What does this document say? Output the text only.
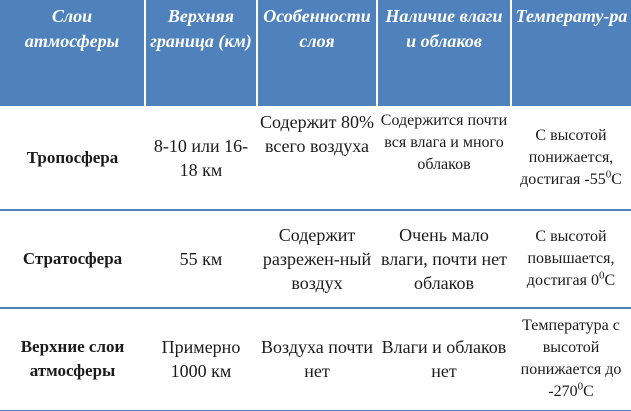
Слои атмосферы	Верхняя граница (км)	Особенности слоя	Наличие влаги и облаков	Температу-ра
Тропосфера	8-10 или 16-18 км	Содержит 80% всего воздуха	Содержится почти вся влага и много облаков	С высотой понижается, достигая $-55^0С$
Стратосфера	55 км	Содержит разрежен-ный воздух	Очень мало влаги, почти нет облаков	С высотой повышается, достигая $0^0С$
Верхние слои атмосферы	Примерно 1000 км	Воздуха почти нет	Влаги и облаков нет	Температура с высотой понижается до $-270^0С$
